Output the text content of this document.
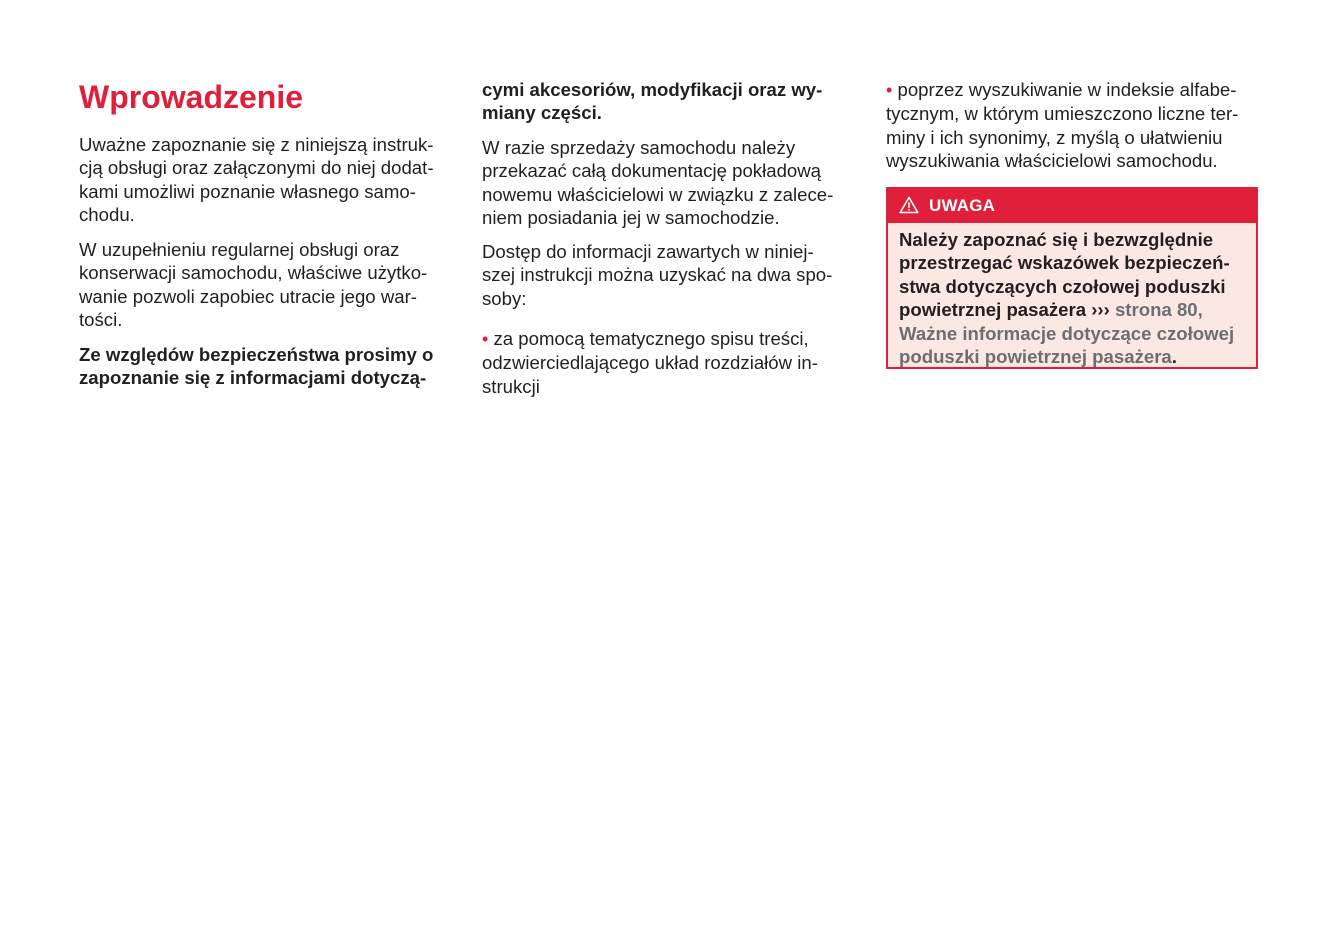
Wprowadzenie

Uważne zapoznanie się z niniejszą instruk-
cją obsługi oraz załączonymi do niej dodat-
kami umożliwi poznanie własnego samo-
chodu.

W uzupełnieniu regularnej obsługi oraz
konserwacji samochodu, właściwe użytko-
wanie pozwoli zapobiec utracie jego war-
tości.

Ze względów bezpieczeństwa prosimy o
zapoznanie się z informacjami dotyczą-

cymi akcesoriów, modyfikacji oraz wy-
miany części.

W razie sprzedaży samochodu należy
przekazać całą dokumentację pokładową
nowemu właścicielowi w związku z zalece-
niem posiadania jej w samochodzie.

Dostęp do informacji zawartych w niniej-
szej instrukcji można uzyskać na dwa spo-
soby:

• za pomocą tematycznego spisu treści,
odzwierciedlającego układ rozdziałów in-
strukcji

• poprzez wyszukiwanie w indeksie alfabe-
tycznym, w którym umieszczono liczne ter-
miny i ich synonimy, z myślą o ułatwieniu
wyszukiwania właścicielowi samochodu.

UWAGA

Należy zapoznać się i bezwzględnie
przestrzegać wskazówek bezpieczeń-
stwa dotyczących czołowej poduszki
powietrznej pasażera ››› strona 80,
Ważne informacje dotyczące czołowej
poduszki powietrznej pasażera.
